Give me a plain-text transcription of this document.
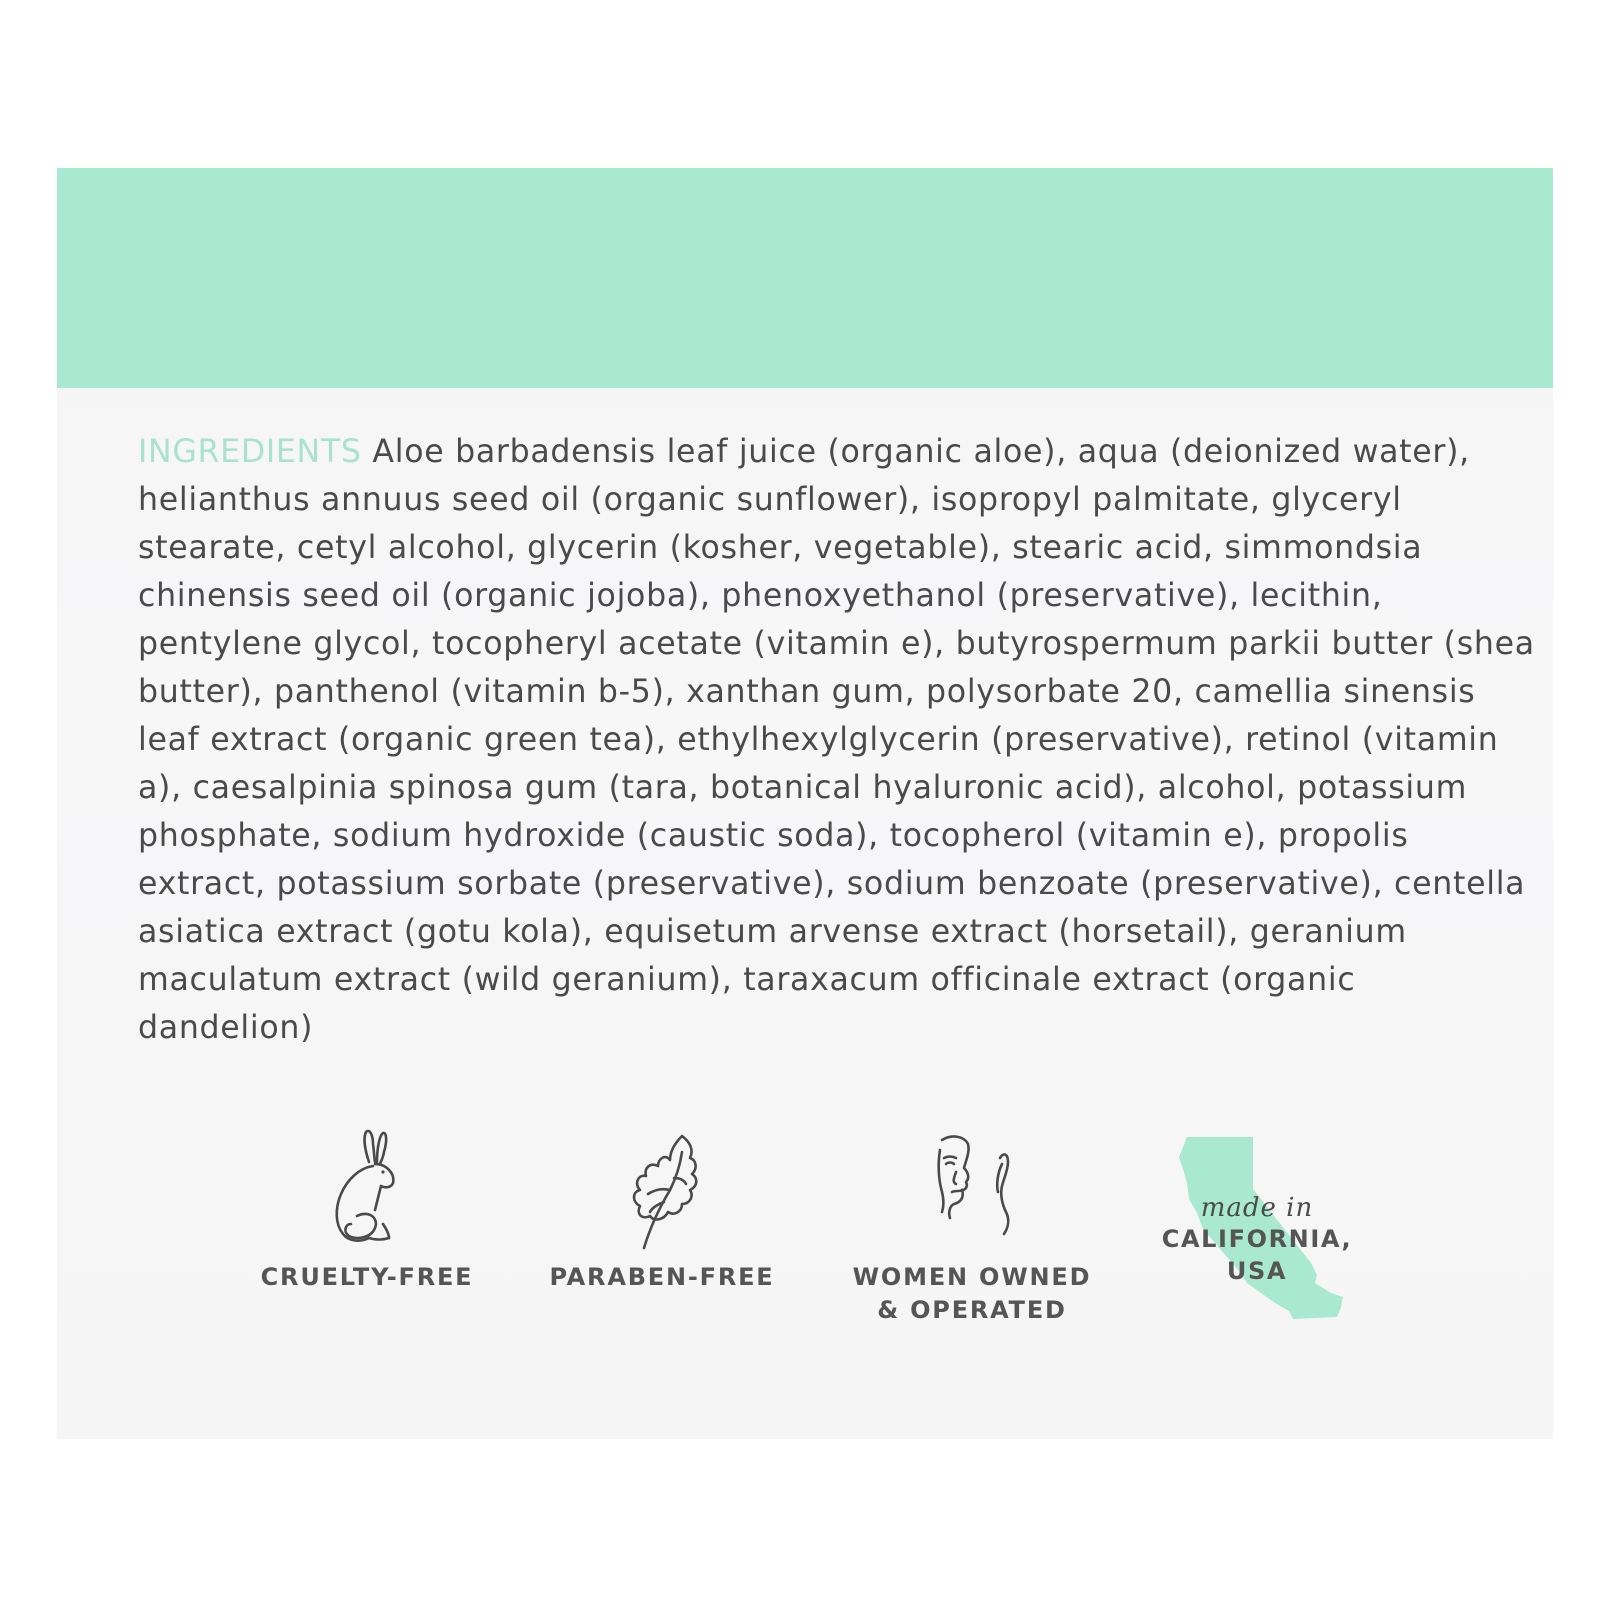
INGREDIENTS Aloe barbadensis leaf juice (organic aloe), aqua (deionized water), helianthus annuus seed oil (organic sunflower), isopropyl palmitate, glyceryl stearate, cetyl alcohol, glycerin (kosher, vegetable), stearic acid, simmondsia chinensis seed oil (organic jojoba), phenoxyethanol (preservative), lecithin, pentylene glycol, tocopheryl acetate (vitamin e), butyrospermum parkii butter (shea butter), panthenol (vitamin b-5), xanthan gum, polysorbate 20, camellia sinensis leaf extract (organic green tea), ethylhexylglycerin (preservative), retinol (vitamin a), caesalpinia spinosa gum (tara, botanical hyaluronic acid), alcohol, potassium phosphate, sodium hydroxide (caustic soda), tocopherol (vitamin e), propolis extract, potassium sorbate (preservative), sodium benzoate (preservative), centella asiatica extract (gotu kola), equisetum arvense extract (horsetail), geranium maculatum extract (wild geranium), taraxacum officinale extract (organic dandelion)

CRUELTY-FREE	PARABEN-FREE	WOMEN OWNED
& OPERATED
made in
CALIFORNIA,
USA
